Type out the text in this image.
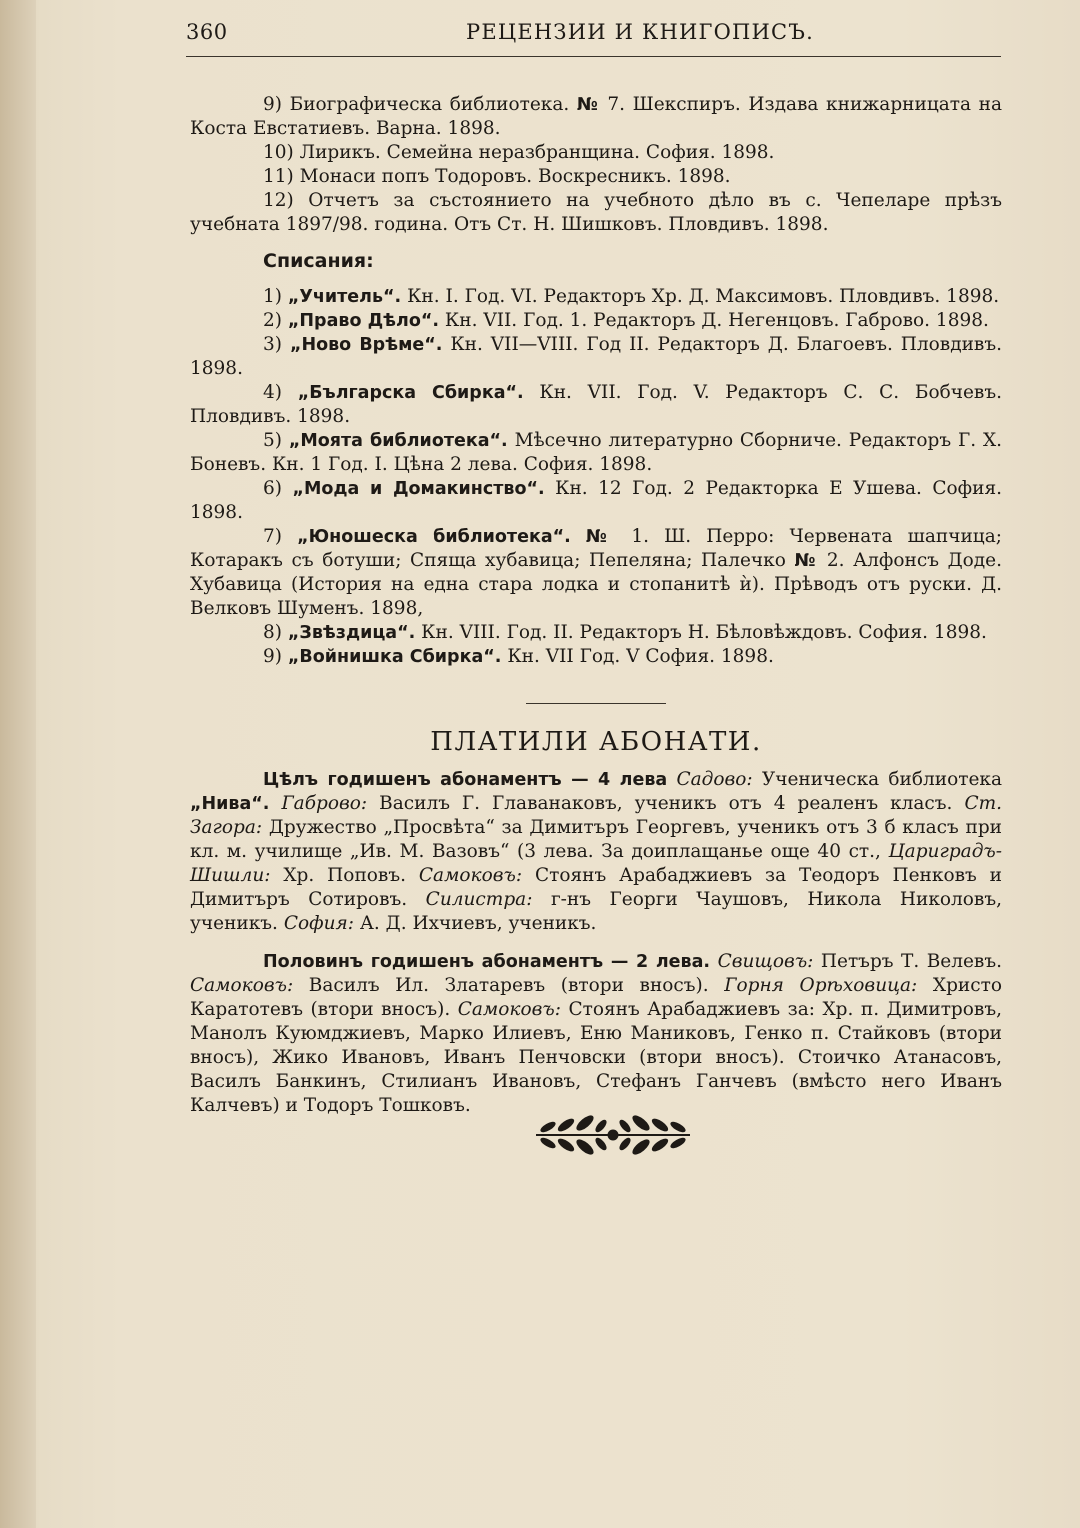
360	РЕЦЕНЗИИ И КНИГОПИСЪ.

9) Биографическа библиотека. № 7. Шекспиръ. Издава книжарницата на Коста Евстатиевъ. Варна. 1898.

10) Лирикъ. Семейна неразбранщина. София. 1898.

11) Монаси попъ Тодоровъ. Воскресникъ. 1898.

12) Отчетъ за състоянието на учебното дѣло въ с. Чепеларе прѣзъ учебната 1897/98. година. Отъ Ст. Н. Шишковъ. Пловдивъ. 1898.

Списания:

1) „Учитель“. Кн. I. Год. VI. Редакторъ Хр. Д. Максимовъ. Пловдивъ. 1898.

2) „Право Дѣло“. Кн. VII. Год. 1. Редакторъ Д. Негенцовъ. Габрово. 1898.

3) „Ново Врѣме“. Кн. VII—VIII. Год II. Редакторъ Д. Благоевъ. Пловдивъ. 1898.

4) „Българска Сбирка“. Кн. VII. Год. V. Редакторъ С. С. Бобчевъ. Пловдивъ. 1898.

5) „Моята библиотека“. Мѣсечно литературно Сборниче. Редакторъ Г. Х. Боневъ. Кн. 1 Год. I. Цѣна 2 лева. София. 1898.

6) „Мода и Домакинство“. Кн. 12 Год. 2 Редакторка Е Ушева. София. 1898.

7) „Юношеска библиотека“. № 1. Ш. Перро: Червената шапчица; Котаракъ съ ботуши; Спяща хубавица; Пепеляна; Палечко № 2. Алфонсъ Доде. Хубавица (История на една стара лодка и стопанитѣ ѝ). Прѣводъ отъ руски. Д. Велковъ Шуменъ. 1898,

8) „Звѣздица“. Кн. VIII. Год. II. Редакторъ Н. Бѣловѣждовъ. София. 1898.

9) „Войнишка Сбирка“. Кн. VII Год. V София. 1898.

ПЛАТИЛИ АБОНАТИ.

Цѣлъ годишенъ абонаментъ — 4 лева Садово: Ученическа библиотека „Нива“. Габрово: Василъ Г. Главанаковъ, ученикъ отъ 4 реаленъ класъ. Ст. Загора: Дружество „Просвѣта“ за Димитъръ Георгевъ, ученикъ отъ 3 б класъ при кл. м. училище „Ив. М. Вазовъ“ (3 лева. За доиплащанье още 40 ст., Цариградъ-Шишли: Хр. Поповъ. Самоковъ: Стоянъ Арабаджиевъ за Теодоръ Пенковъ и Димитъръ Сотировъ. Силистра: г-нъ Георги Чаушовъ, Никола Николовъ, ученикъ. София: А. Д. Ихчиевъ, ученикъ.

Половинъ годишенъ абонаментъ — 2 лева. Свищовъ: Петъръ Т. Велевъ. Самоковъ: Василъ Ил. Златаревъ (втори вносъ). Горня Орѣховица: Христо Каратотевъ (втори вносъ). Самоковъ: Стоянъ Арабаджиевъ за: Хр. п. Димитровъ, Манолъ Куюмджиевъ, Марко Илиевъ, Еню Маниковъ, Генко п. Стайковъ (втори вносъ), Жико Ивановъ, Иванъ Пенчовски (втори вносъ). Стоичко Атанасовъ, Василъ Банкинъ, Стилианъ Ивановъ, Стефанъ Ганчевъ (вмѣсто него Иванъ Калчевъ) и Тодоръ Тошковъ.
